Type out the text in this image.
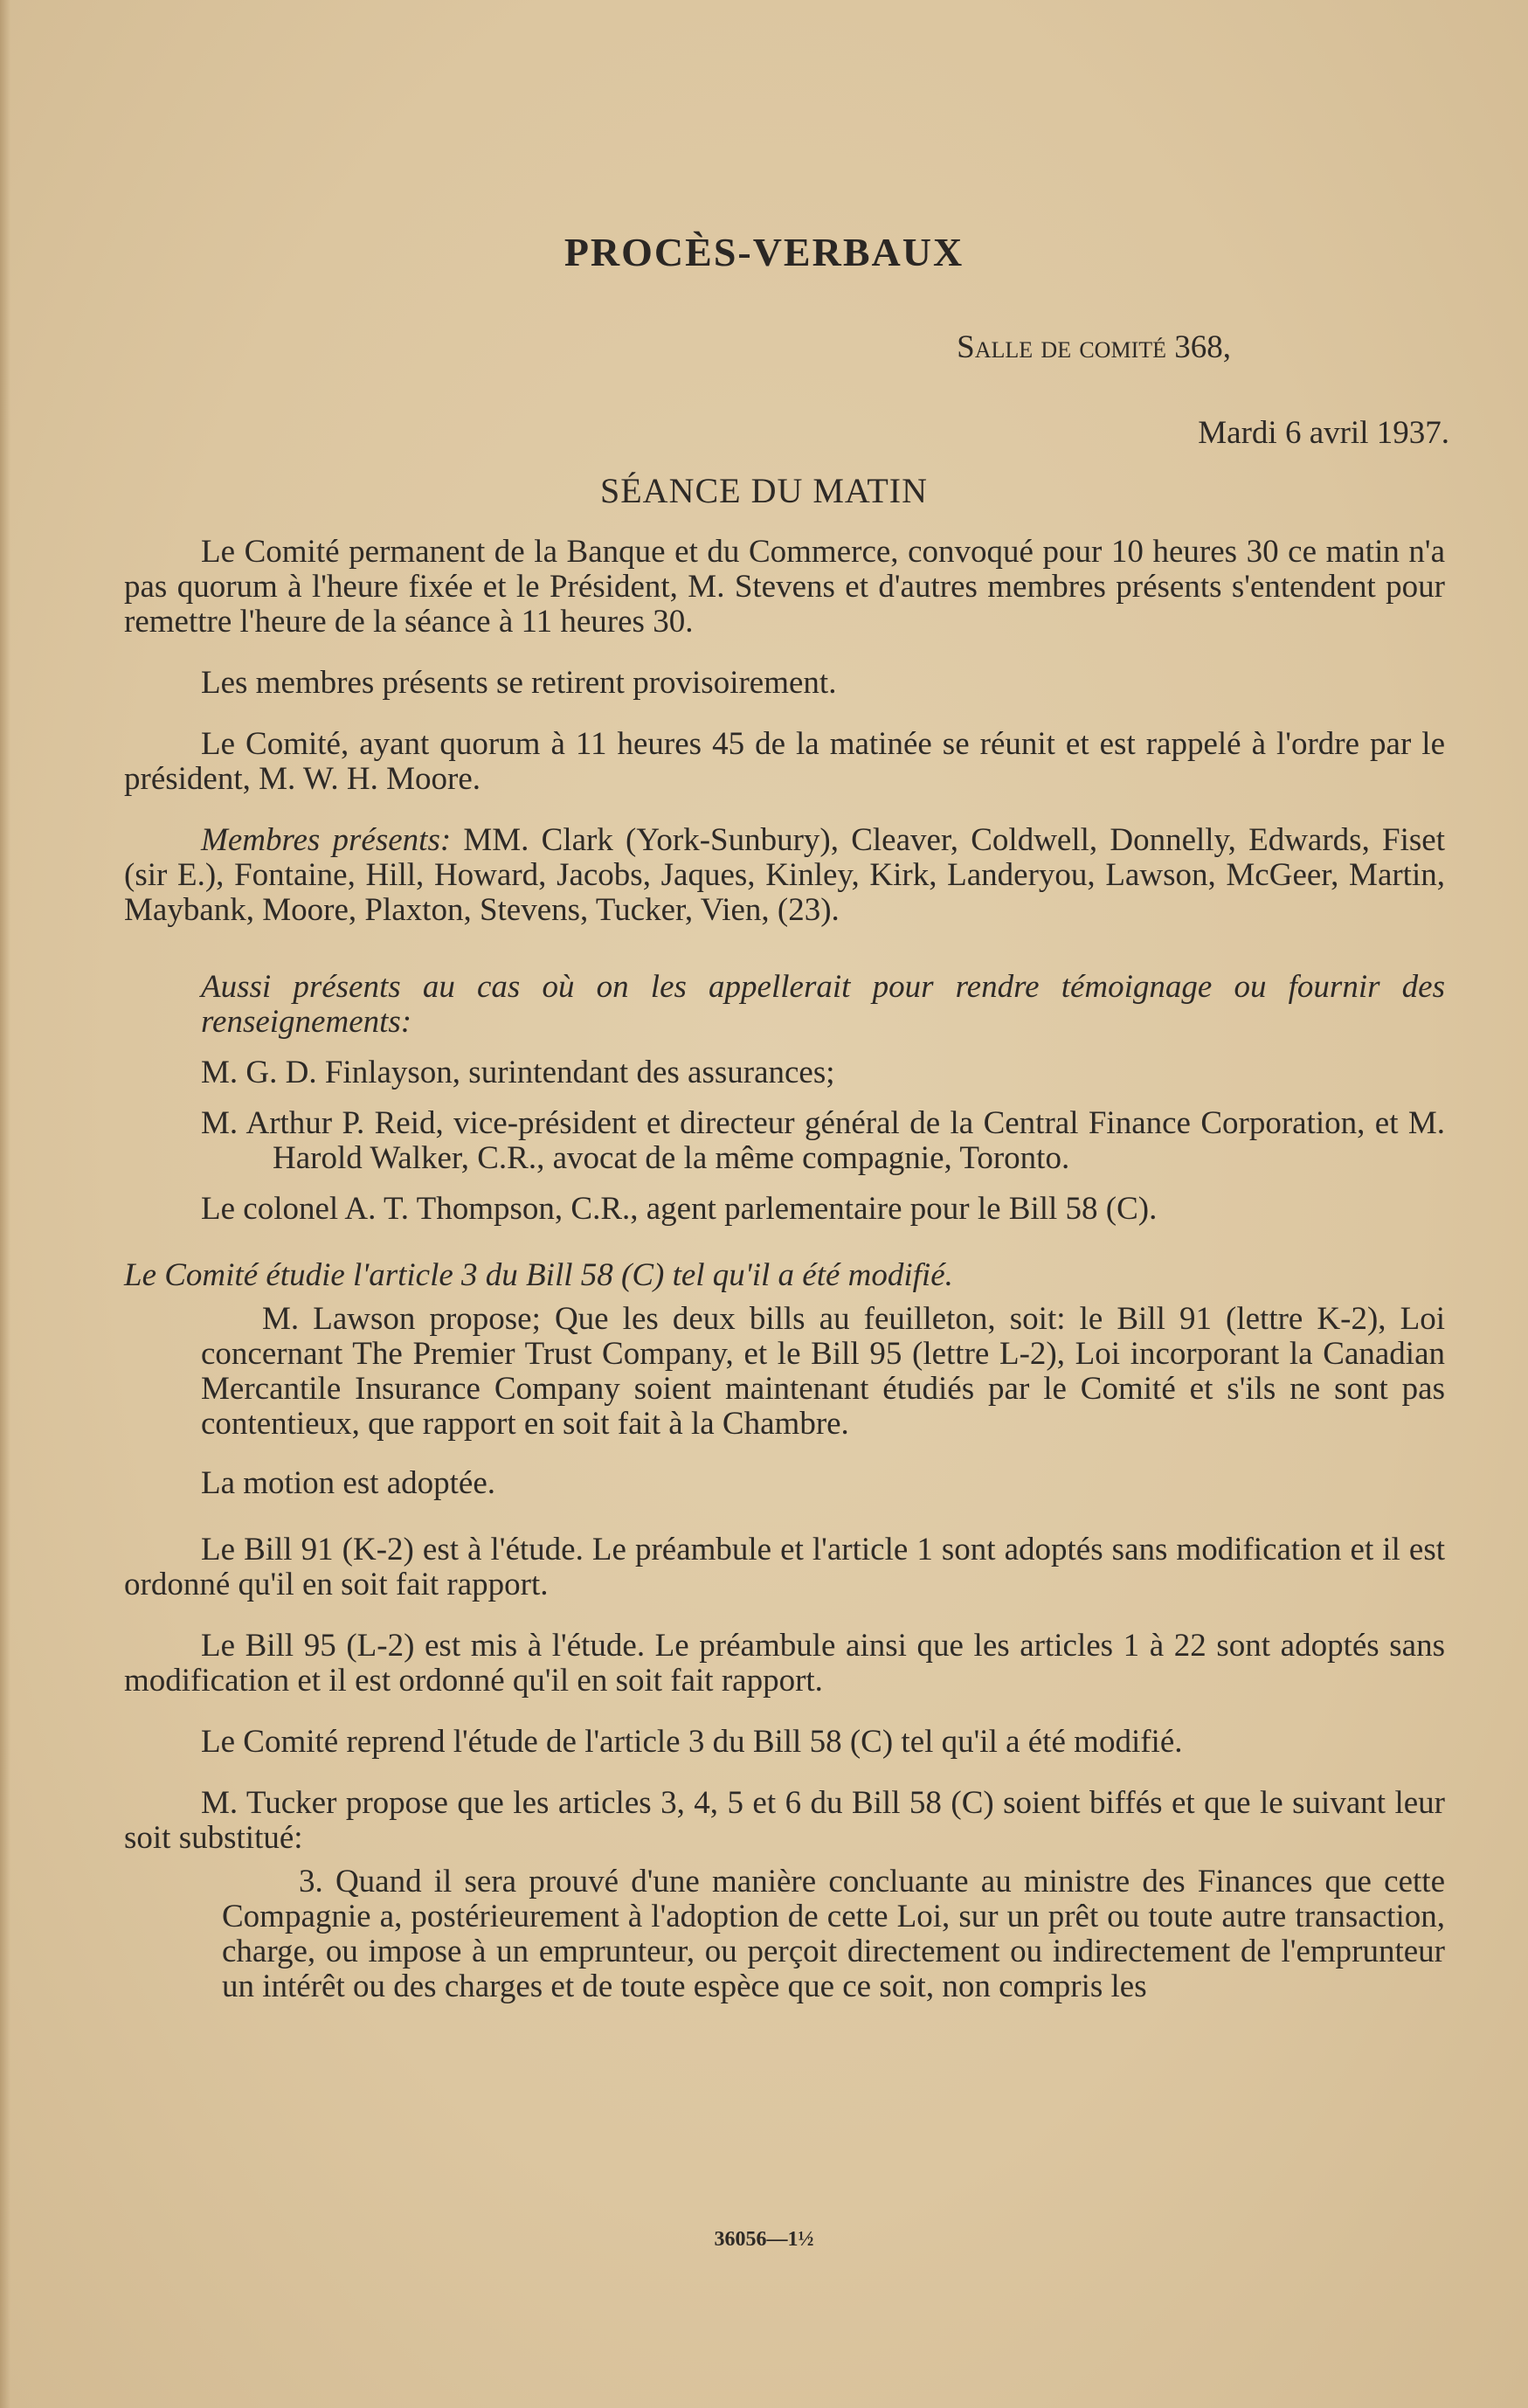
PROCÈS-VERBAUX
Salle de comité 368,
Mardi 6 avril 1937.
SÉANCE DU MATIN

Le Comité permanent de la Banque et du Commerce, convoqué pour 10 heures 30 ce matin n'a pas quorum à l'heure fixée et le Président, M. Stevens et d'autres membres présents s'entendent pour remettre l'heure de la séance à 11 heures 30.

Les membres présents se retirent provisoirement.

Le Comité, ayant quorum à 11 heures 45 de la matinée se réunit et est rappelé à l'ordre par le président, M. W. H. Moore.

Membres présents: MM. Clark (York-Sunbury), Cleaver, Coldwell, Donnelly, Edwards, Fiset (sir E.), Fontaine, Hill, Howard, Jacobs, Jaques, Kinley, Kirk, Landeryou, Lawson, McGeer, Martin, Maybank, Moore, Plaxton, Stevens, Tucker, Vien, (23).

Aussi présents au cas où on les appellerait pour rendre témoignage ou fournir des renseignements:

M. G. D. Finlayson, surintendant des assurances;

M. Arthur P. Reid, vice-président et directeur général de la Central Finance Corporation, et M. Harold Walker, C.R., avocat de la même compagnie, Toronto.

Le colonel A. T. Thompson, C.R., agent parlementaire pour le Bill 58 (C).

Le Comité étudie l'article 3 du Bill 58 (C) tel qu'il a été modifié.

M. Lawson propose; Que les deux bills au feuilleton, soit: le Bill 91 (lettre K-2), Loi concernant The Premier Trust Company, et le Bill 95 (lettre L-2), Loi incorporant la Canadian Mercantile Insurance Company soient maintenant étudiés par le Comité et s'ils ne sont pas contentieux, que rapport en soit fait à la Chambre.

La motion est adoptée.

Le Bill 91 (K-2) est à l'étude. Le préambule et l'article 1 sont adoptés sans modification et il est ordonné qu'il en soit fait rapport.

Le Bill 95 (L-2) est mis à l'étude. Le préambule ainsi que les articles 1 à 22 sont adoptés sans modification et il est ordonné qu'il en soit fait rapport.

Le Comité reprend l'étude de l'article 3 du Bill 58 (C) tel qu'il a été modifié.

M. Tucker propose que les articles 3, 4, 5 et 6 du Bill 58 (C) soient biffés et que le suivant leur soit substitué:

3. Quand il sera prouvé d'une manière concluante au ministre des Finances que cette Compagnie a, postérieurement à l'adoption de cette Loi, sur un prêt ou toute autre transaction, charge, ou impose à un emprunteur, ou perçoit directement ou indirectement de l'emprunteur un intérêt ou des charges et de toute espèce que ce soit, non compris les

36056—1½
